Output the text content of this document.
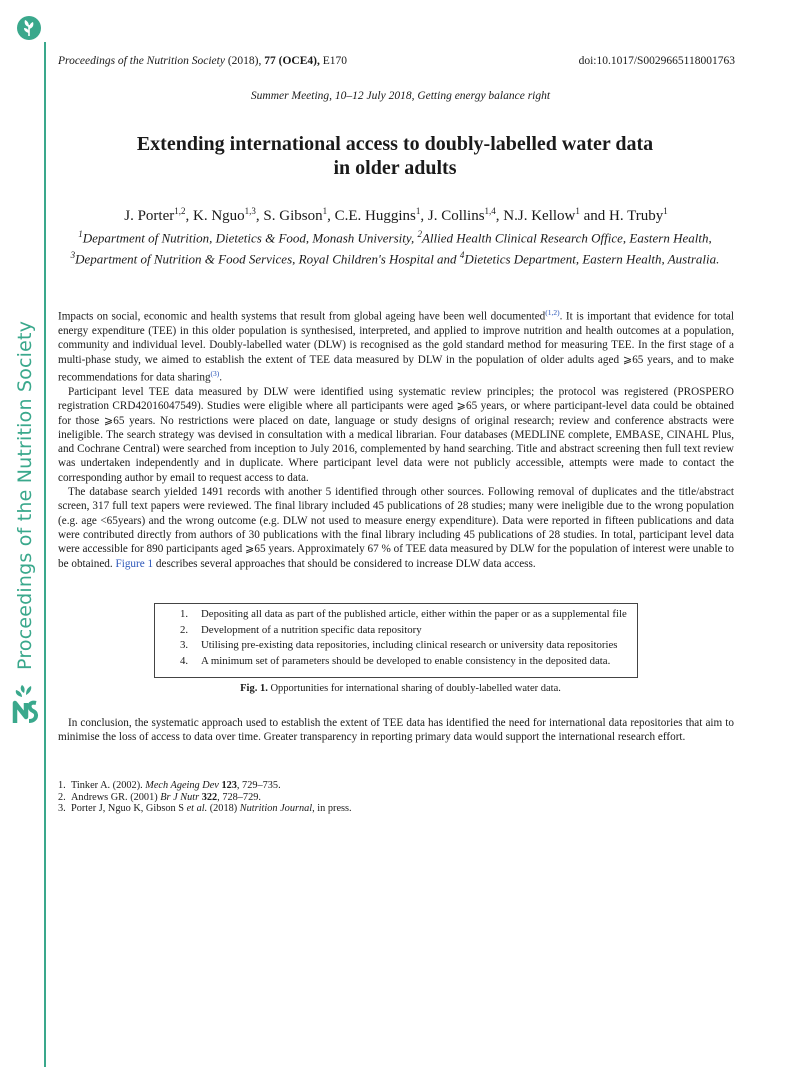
Proceedings of the Nutrition Society
Proceedings of the Nutrition Society (2018), 77 (OCE4), E170	doi:10.1017/S0029665118001763
Summer Meeting, 10–12 July 2018, Getting energy balance right
Extending international access to doubly-labelled water data
in older adults
J. Porter$^{1,2}$, K. Nguo$^{1,3}$, S. Gibson$^1$, C.E. Huggins$^1$, J. Collins$^{1,4}$, N.J. Kellow$^1$ and H. Truby$^1$
$^1$Department of Nutrition, Dietetics & Food, Monash University, $^2$Allied Health Clinical Research Office, Eastern Health, $^3$Department of Nutrition & Food Services, Royal Children's Hospital and $^4$Dietetics Department, Eastern Health, Australia.

Impacts on social, economic and health systems that result from global ageing have been well documented$^{(1,2)}$. It is important that evidence for total energy expenditure (TEE) in this older population is synthesised, interpreted, and applied to improve nutrition and health outcomes at a population, community and individual level. Doubly-labelled water (DLW) is recognised as the gold standard method for measuring TEE. In the first stage of a multi-phase study, we aimed to establish the extent of TEE data measured by DLW in the population of older adults aged ⩾65 years, and to make recommendations for data sharing$^{(3)}$.

Participant level TEE data measured by DLW were identified using systematic review principles; the protocol was registered (PROSPERO registration CRD42016047549). Studies were eligible where all participants were aged ⩾65 years, or where participant-level data could be obtained for those ⩾65 years. No restrictions were placed on date, language or study designs of original research; review and conference abstracts were ineligible. The search strategy was devised in consultation with a medical librarian. Four databases (MEDLINE complete, EMBASE, CINAHL Plus, and Cochrane Central) were searched from inception to July 2016, complemented by hand searching. Title and abstract screening then full text review was undertaken independently and in duplicate. Where participant level data were not publicly accessible, attempts were made to contact the corresponding author by email to request access to data.

The database search yielded 1491 records with another 5 identified through other sources. Following removal of duplicates and the title/abstract screen, 317 full text papers were reviewed. The final library included 45 publications of 28 studies; many were ineligible due to the wrong population (e.g. age <65years) and the wrong outcome (e.g. DLW not used to measure energy expenditure). Data were reported in fifteen publications and data were contributed directly from authors of 30 publications with the final library including 45 publications of 28 studies. In total, participant level data were accessible for 890 participants aged ⩾65 years. Approximately 67 % of TEE data measured by DLW for the population of interest were unable to be obtained. Figure 1 describes several approaches that should be considered to increase DLW data access.

1. Depositing all data as part of the published article, either within the paper or as a supplemental file
2. Development of a nutrition specific data repository
3. Utilising pre-existing data repositories, including clinical research or university data repositories
4. A minimum set of parameters should be developed to enable consistency in the deposited data.
Fig. 1. Opportunities for international sharing of doubly-labelled water data.
In conclusion, the systematic approach used to establish the extent of TEE data has identified the need for international data repositories that aim to minimise the loss of access to data over time. Greater transparency in reporting primary data would support the international research effort.
1. Tinker A. (2002). Mech Ageing Dev 123, 729–735.
2. Andrews GR. (2001) Br J Nutr 322, 728–729.
3. Porter J, Nguo K, Gibson S et al. (2018) Nutrition Journal, in press.
